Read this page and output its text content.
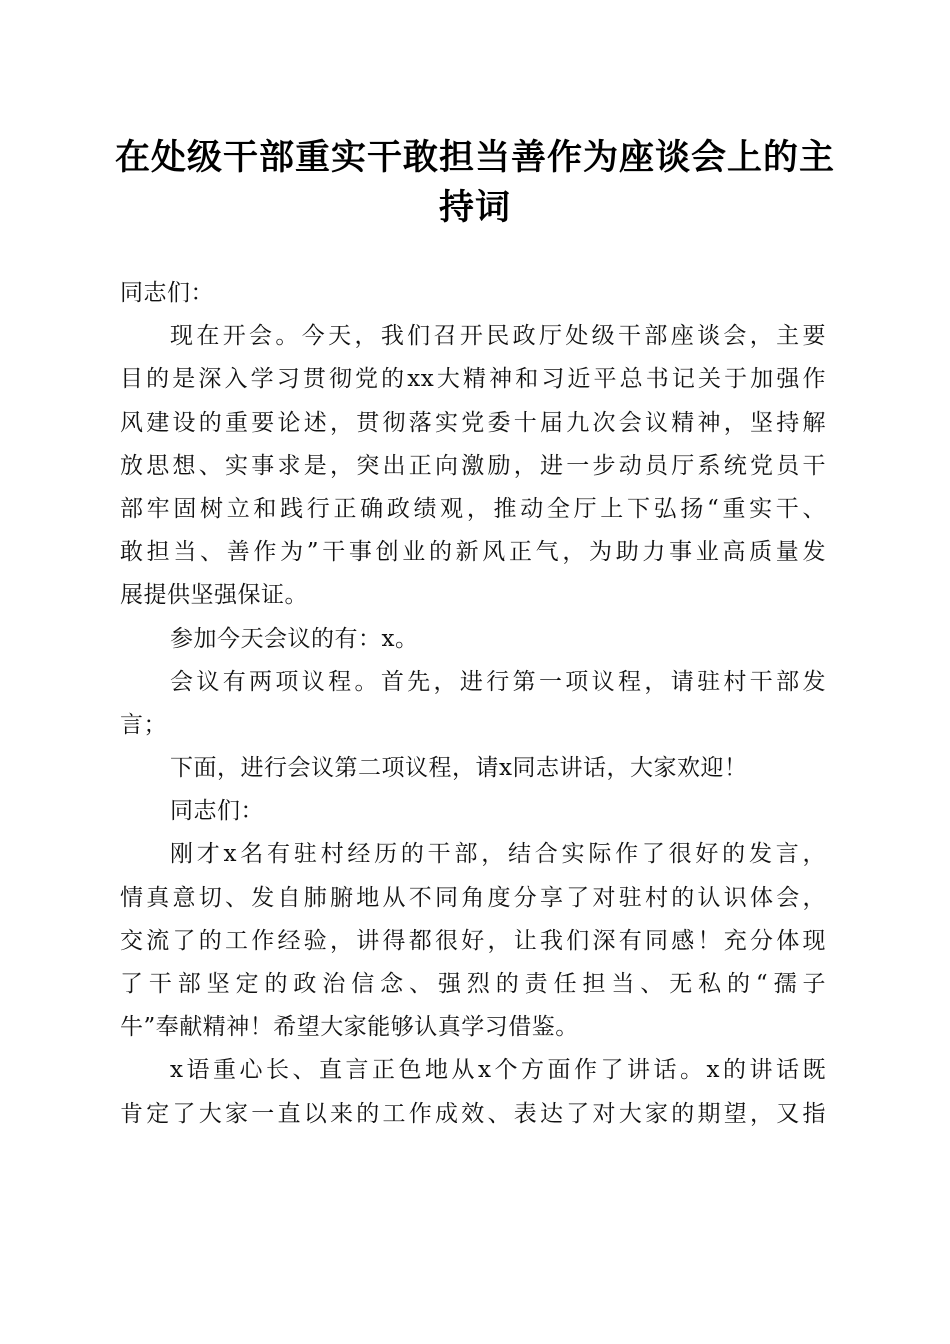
在处级干部重实干敢担当善作为座谈会上的主
持词

同志们：

现在开会。今天，我们召开民政厅处级干部座谈会，主要

目的是深入学习贯彻党的xx大精神和习近平总书记关于加强作

风建设的重要论述，贯彻落实党委十届九次会议精神，坚持解

放思想、实事求是，突出正向激励，进一步动员厅系统党员干

部牢固树立和践行正确政绩观，推动全厅上下弘扬“重实干、

敢担当、善作为”干事创业的新风正气，为助力事业高质量发

展提供坚强保证。

参加今天会议的有：x。

会议有两项议程。首先，进行第一项议程，请驻村干部发

言；

下面，进行会议第二项议程，请x同志讲话，大家欢迎！

同志们：

刚才x名有驻村经历的干部，结合实际作了很好的发言，

情真意切、发自肺腑地从不同角度分享了对驻村的认识体会，

交流了的工作经验，讲得都很好，让我们深有同感！充分体现

了干部坚定的政治信念、强烈的责任担当、无私的“孺子

牛”奉献精神！希望大家能够认真学习借鉴。

x语重心长、直言正色地从x个方面作了讲话。x的讲话既

肯定了大家一直以来的工作成效、表达了对大家的期望，又指
